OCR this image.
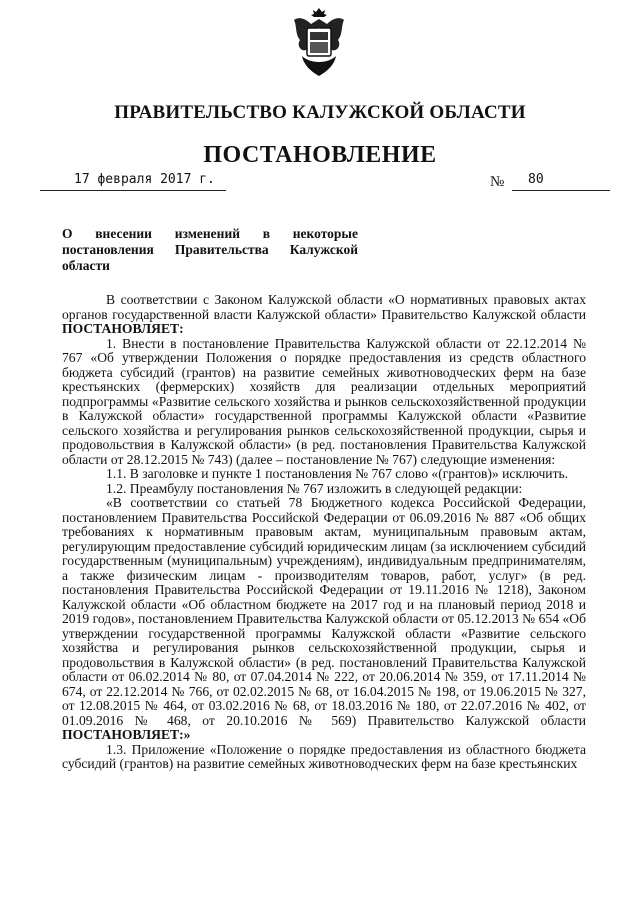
ПРАВИТЕЛЬСТВО КАЛУЖСКОЙ ОБЛАСТИ
ПОСТАНОВЛЕНИЕ
17 февраля 2017 г.	№ 80
О внесении изменений в некоторые
постановления Правительства Калужской
области

В соответствии с Законом Калужской области «О нормативных правовых актах органов государственной власти Калужской области» Правительство Калужской области ПОСТАНОВЛЯЕТ:

1. Внести в постановление Правительства Калужской области от 22.12.2014 № 767 «Об утверждении Положения о порядке предоставления из средств областного бюджета субсидий (грантов) на развитие семейных животноводческих ферм на базе крестьянских (фермерских) хозяйств для реализации отдельных мероприятий подпрограммы «Развитие сельского хозяйства и рынков сельскохозяйственной продукции в Калужской области» государственной программы Калужской области «Развитие сельского хозяйства и регулирования рынков сельскохозяйственной продукции, сырья и продовольствия в Калужской области» (в ред. постановления Правительства Калужской области от 28.12.2015 № 743) (далее – постановление № 767) следующие изменения:

1.1. В заголовке и пункте 1 постановления № 767 слово «(грантов)» исключить.

1.2. Преамбулу постановления № 767 изложить в следующей редакции:

«В соответствии со статьей 78 Бюджетного кодекса Российской Федерации, постановлением Правительства Российской Федерации от 06.09.2016 № 887 «Об общих требованиях к нормативным правовым актам, муниципальным правовым актам, регулирующим предоставление субсидий юридическим лицам (за исключением субсидий государственным (муниципальным) учреждениям), индивидуальным предпринимателям, а также физическим лицам - производителям товаров, работ, услуг» (в ред. постановления Правительства Российской Федерации от 19.11.2016 № 1218), Законом Калужской области «Об областном бюджете на 2017 год и на плановый период 2018 и 2019 годов», постановлением Правительства Калужской области от 05.12.2013 № 654 «Об утверждении государственной программы Калужской области «Развитие сельского хозяйства и регулирования рынков сельскохозяйственной продукции, сырья и продовольствия в Калужской области» (в ред. постановлений Правительства Калужской области от 06.02.2014 № 80, от 07.04.2014 № 222, от 20.06.2014 № 359, от 17.11.2014 № 674, от 22.12.2014 № 766, от 02.02.2015 № 68, от 16.04.2015 № 198, от 19.06.2015 № 327, от 12.08.2015 № 464, от 03.02.2016 № 68, от 18.03.2016 № 180, от 22.07.2016 № 402, от 01.09.2016 № 468, от 20.10.2016 № 569) Правительство Калужской области ПОСТАНОВЛЯЕТ:»

1.3. Приложение «Положение о порядке предоставления из областного бюджета субсидий (грантов) на развитие семейных животноводческих ферм на базе крестьянских
